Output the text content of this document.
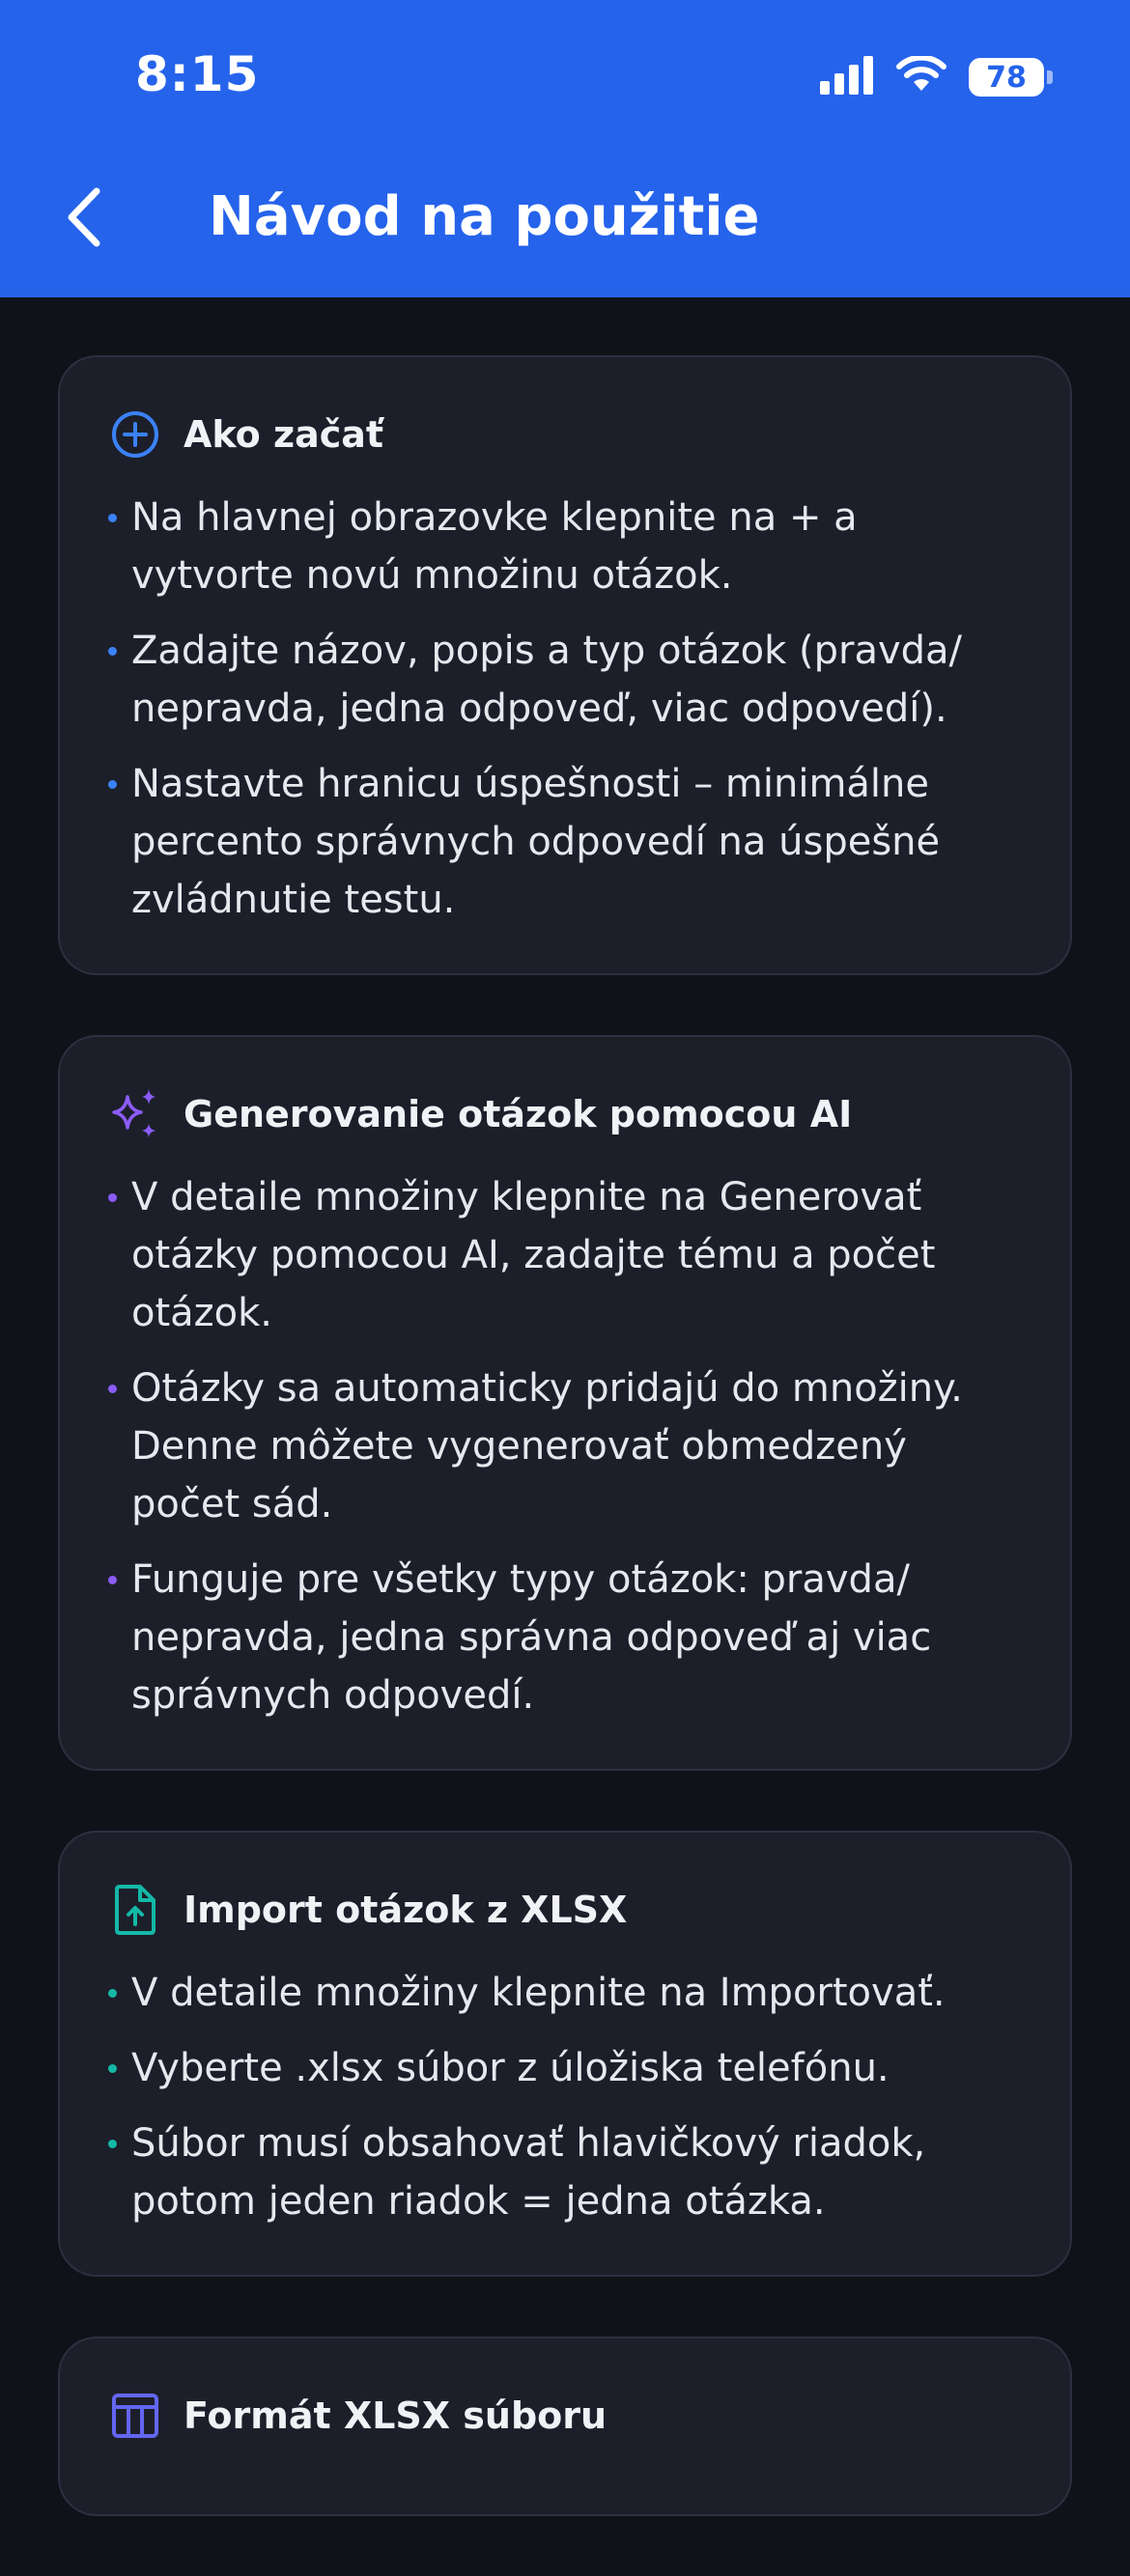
8:15	78
Návod na použitie
Ako začať
Na hlavnej obrazovke klepnite na + a vytvorte novú množinu otázok.
Zadajte názov, popis a typ otázok (pravda/ nepravda, jedna odpoveď, viac odpovedí).
Nastavte hranicu úspešnosti – minimálne percento správnych odpovedí na úspešné zvládnutie testu.
Generovanie otázok pomocou AI
V detaile množiny klepnite na Generovať otázky pomocou AI, zadajte tému a počet otázok.
Otázky sa automaticky pridajú do množiny. Denne môžete vygenerovať obmedzený počet sád.
Funguje pre všetky typy otázok: pravda/ nepravda, jedna správna odpoveď aj viac správnych odpovedí.
Import otázok z XLSX
V detaile množiny klepnite na Importovať.
Vyberte .xlsx súbor z úložiska telefónu.
Súbor musí obsahovať hlavičkový riadok, potom jeden riadok = jedna otázka.
Formát XLSX súboru
